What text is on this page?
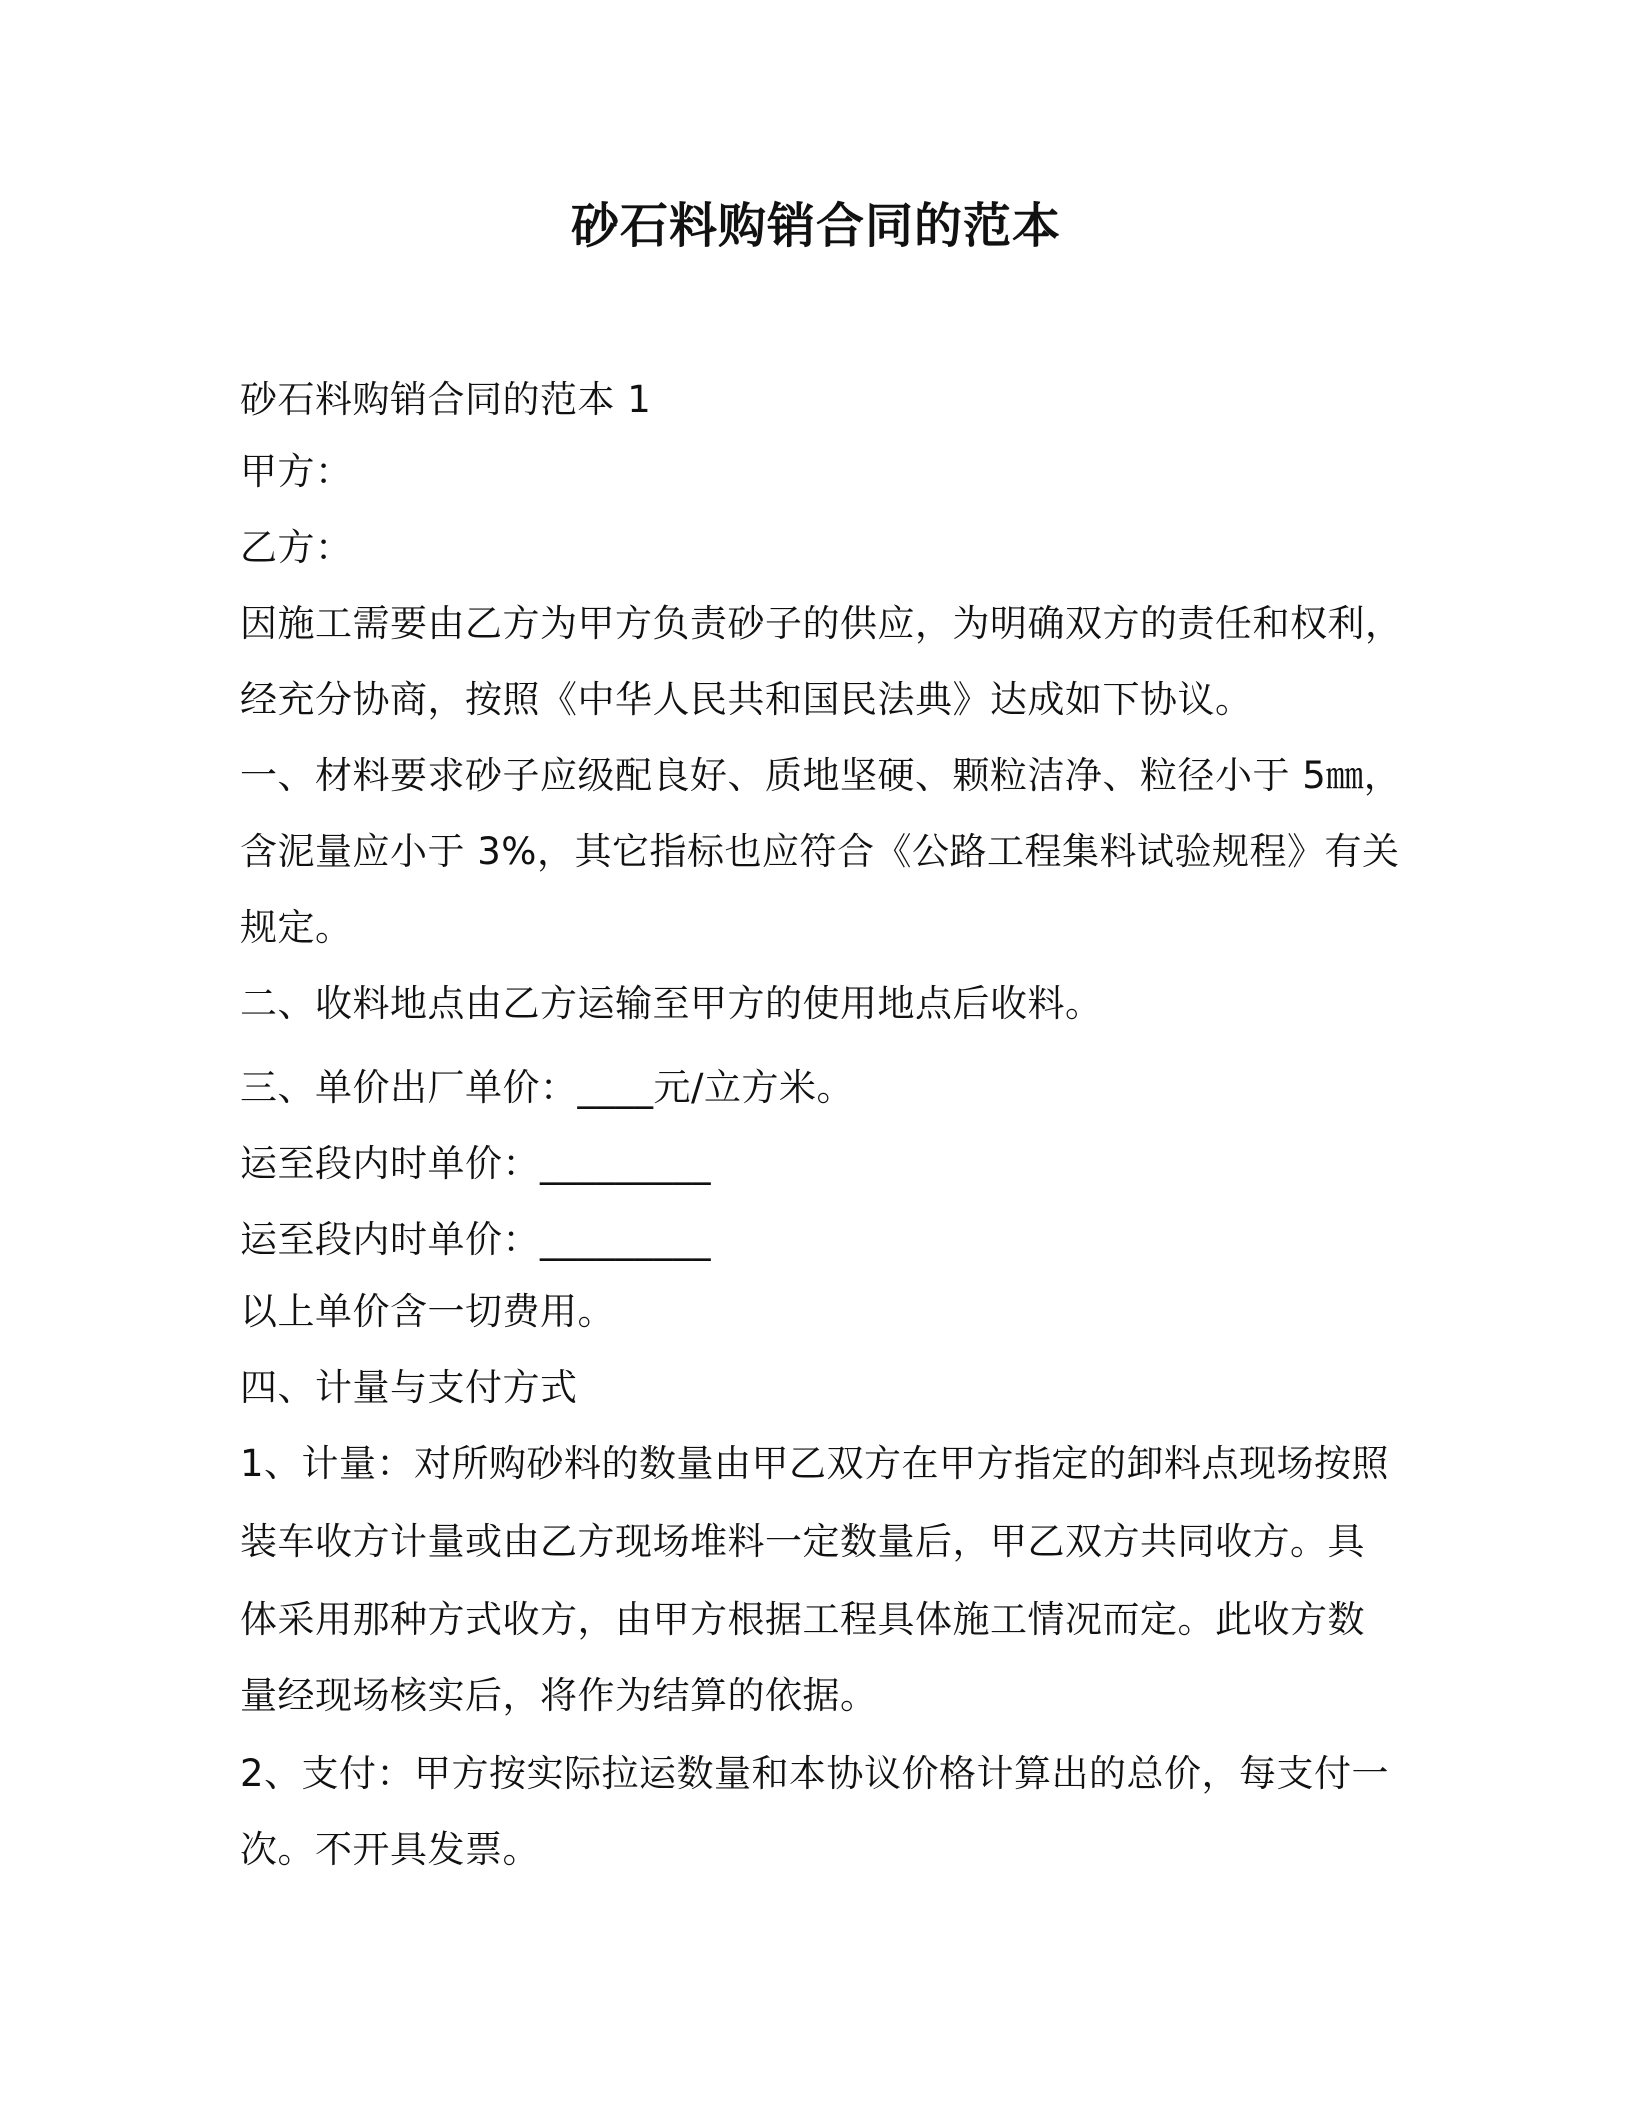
砂石料购销合同的范本
砂石料购销合同的范本 1
甲方：
乙方：
因施工需要由乙方为甲方负责砂子的供应，为明确双方的责任和权利，
经充分协商，按照《中华人民共和国民法典》达成如下协议。
一、材料要求砂子应级配良好、质地坚硬、颗粒洁净、粒径小于 5㎜，
含泥量应小于 3%，其它指标也应符合《公路工程集料试验规程》有关
规定。
二、收料地点由乙方运输至甲方的使用地点后收料。
三、单价出厂单价：____元/立方米。
运至段内时单价：_________
运至段内时单价：_________
以上单价含一切费用。
四、计量与支付方式
1、计量：对所购砂料的数量由甲乙双方在甲方指定的卸料点现场按照
装车收方计量或由乙方现场堆料一定数量后，甲乙双方共同收方。具
体采用那种方式收方，由甲方根据工程具体施工情况而定。此收方数
量经现场核实后，将作为结算的依据。
2、支付：甲方按实际拉运数量和本协议价格计算出的总价，每支付一
次。不开具发票。
